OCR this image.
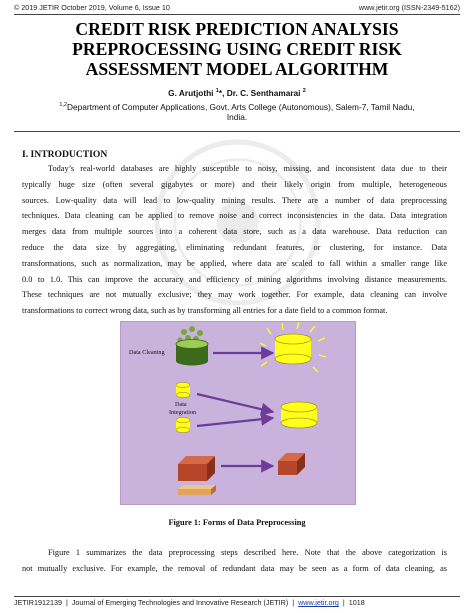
© 2019 JETIR October 2019, Volume 6, Issue 10	www.jetir.org (ISSN-2349-5162)
CREDIT RISK PREDICTION ANALYSIS
PREPROCESSING USING CREDIT RISK
ASSESSMENT MODEL ALGORITHM
G. Arutjothi $^1$*, Dr. C. Senthamarai $^2$
$^{1,2}$Department of Computer Applications, Govt. Arts College (Autonomous), Salem-7, Tamil Nadu,
India.
I. INTRODUCTION
Today’s real-world databases are highly susceptible to noisy, missing, and inconsistent data due to their
typically huge size (often several gigabytes or more) and their likely origin from multiple, heterogeneous
sources. Low-quality data will lead to low-quality mining results. There are a number of data preprocessing
techniques. Data cleaning can be applied to remove noise and correct inconsistencies in the data. Data integration
merges data from multiple sources into a coherent data store, such as a data warehouse. Data reduction can
reduce the data size by aggregating, eliminating redundant features, or clustering, for instance. Data
transformations, such as normalization, may be applied, where data are scaled to fall within a smaller range like
0.0 to 1.0. This can improve the accuracy and efficiency of mining algorithms involving distance measurements.
These techniques are not mutually exclusive; they may work together. For example, data cleaning can involve
transformations to correct wrong data, such as by transforming all entries for a date field to a common format.
Data Cleaning
Data
Integration
Figure 1: Forms of Data Preprocessing
Figure 1 summarizes the data preprocessing steps described here. Note that the above categorization is
not mutually exclusive. For example, the removal of redundant data may be seen as a form of data cleaning, as
JETIR1912139 | Journal of Emerging Technologies and Innovative Research (JETIR) | www.jetir.org | 1018
